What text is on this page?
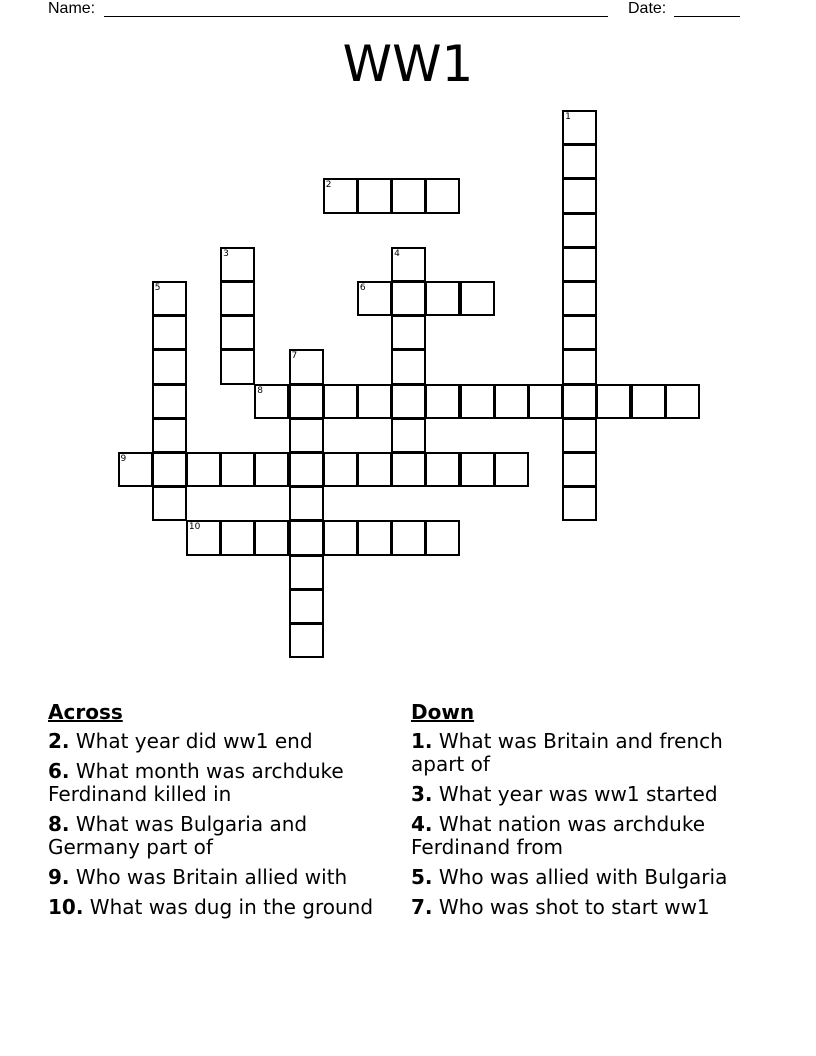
Name:	Date:
WW1
1
2
3	4
5	6
7
8
9
10
Across
2. What year did ww1 end
6. What month was archduke Ferdinand killed in
8. What was Bulgaria and Germany part of
9. Who was Britain allied with
10. What was dug in the ground
Down
1. What was Britain and french apart of
3. What year was ww1 started
4. What nation was archduke Ferdinand from
5. Who was allied with Bulgaria
7. Who was shot to start ww1
